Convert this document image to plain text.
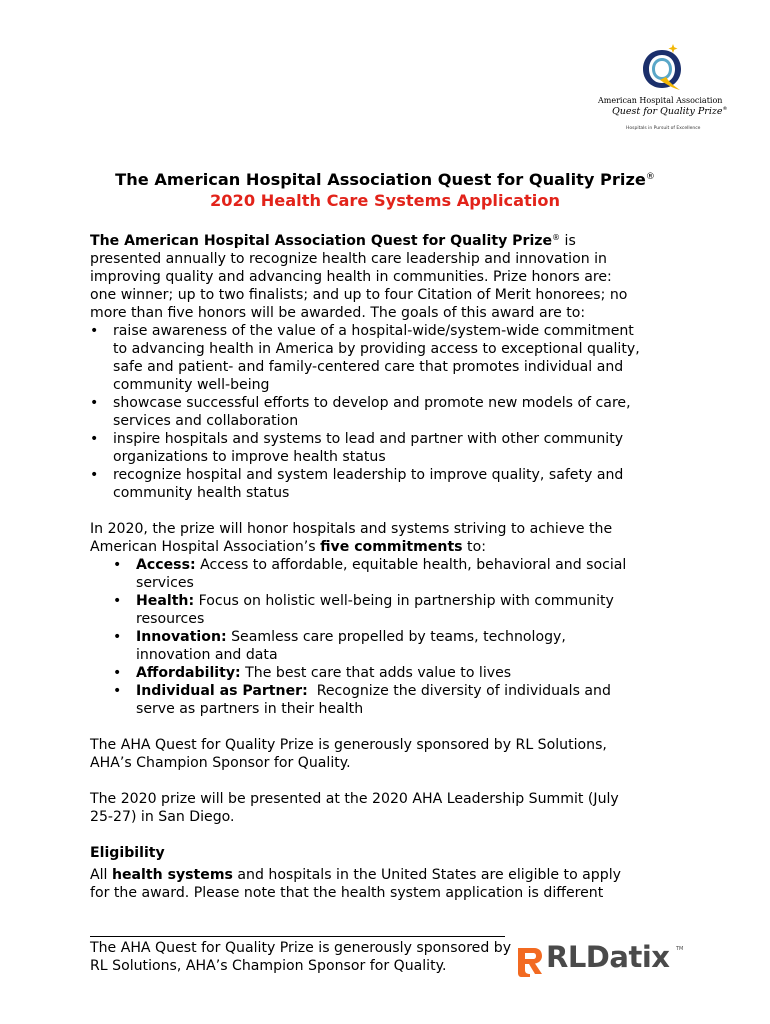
American Hospital Association
Quest for Quality Prize®
Hospitals in Pursuit of Excellence
The American Hospital Association Quest for Quality Prize®
2020 Health Care Systems Application

The American Hospital Association Quest for Quality Prize® is
presented annually to recognize health care leadership and innovation in
improving quality and advancing health in communities. Prize honors are:
one winner; up to two finalists; and up to four Citation of Merit honorees; no
more than five honors will be awarded. The goals of this award are to:

• raise awareness of the value of a hospital-wide/system-wide commitment
to advancing health in America by providing access to exceptional quality,
safe and patient- and family-centered care that promotes individual and
community well-being
• showcase successful efforts to develop and promote new models of care,
services and collaboration
• inspire hospitals and systems to lead and partner with other community
organizations to improve health status
• recognize hospital and system leadership to improve quality, safety and
community health status

In 2020, the prize will honor hospitals and systems striving to achieve the
American Hospital Association’s five commitments to:

• Access: Access to affordable, equitable health, behavioral and social
services
• Health: Focus on holistic well-being in partnership with community
resources
• Innovation: Seamless care propelled by teams, technology,
innovation and data
• Affordability: The best care that adds value to lives
• Individual as Partner:  Recognize the diversity of individuals and
serve as partners in their health

The AHA Quest for Quality Prize is generously sponsored by RL Solutions,
AHA’s Champion Sponsor for Quality.

The 2020 prize will be presented at the 2020 AHA Leadership Summit (July
25-27) in San Diego.

Eligibility

All health systems and hospitals in the United States are eligible to apply
for the award. Please note that the health system application is different

The AHA Quest for Quality Prize is generously sponsored by
RL Solutions, AHA’s Champion Sponsor for Quality.	RLDatix TM
